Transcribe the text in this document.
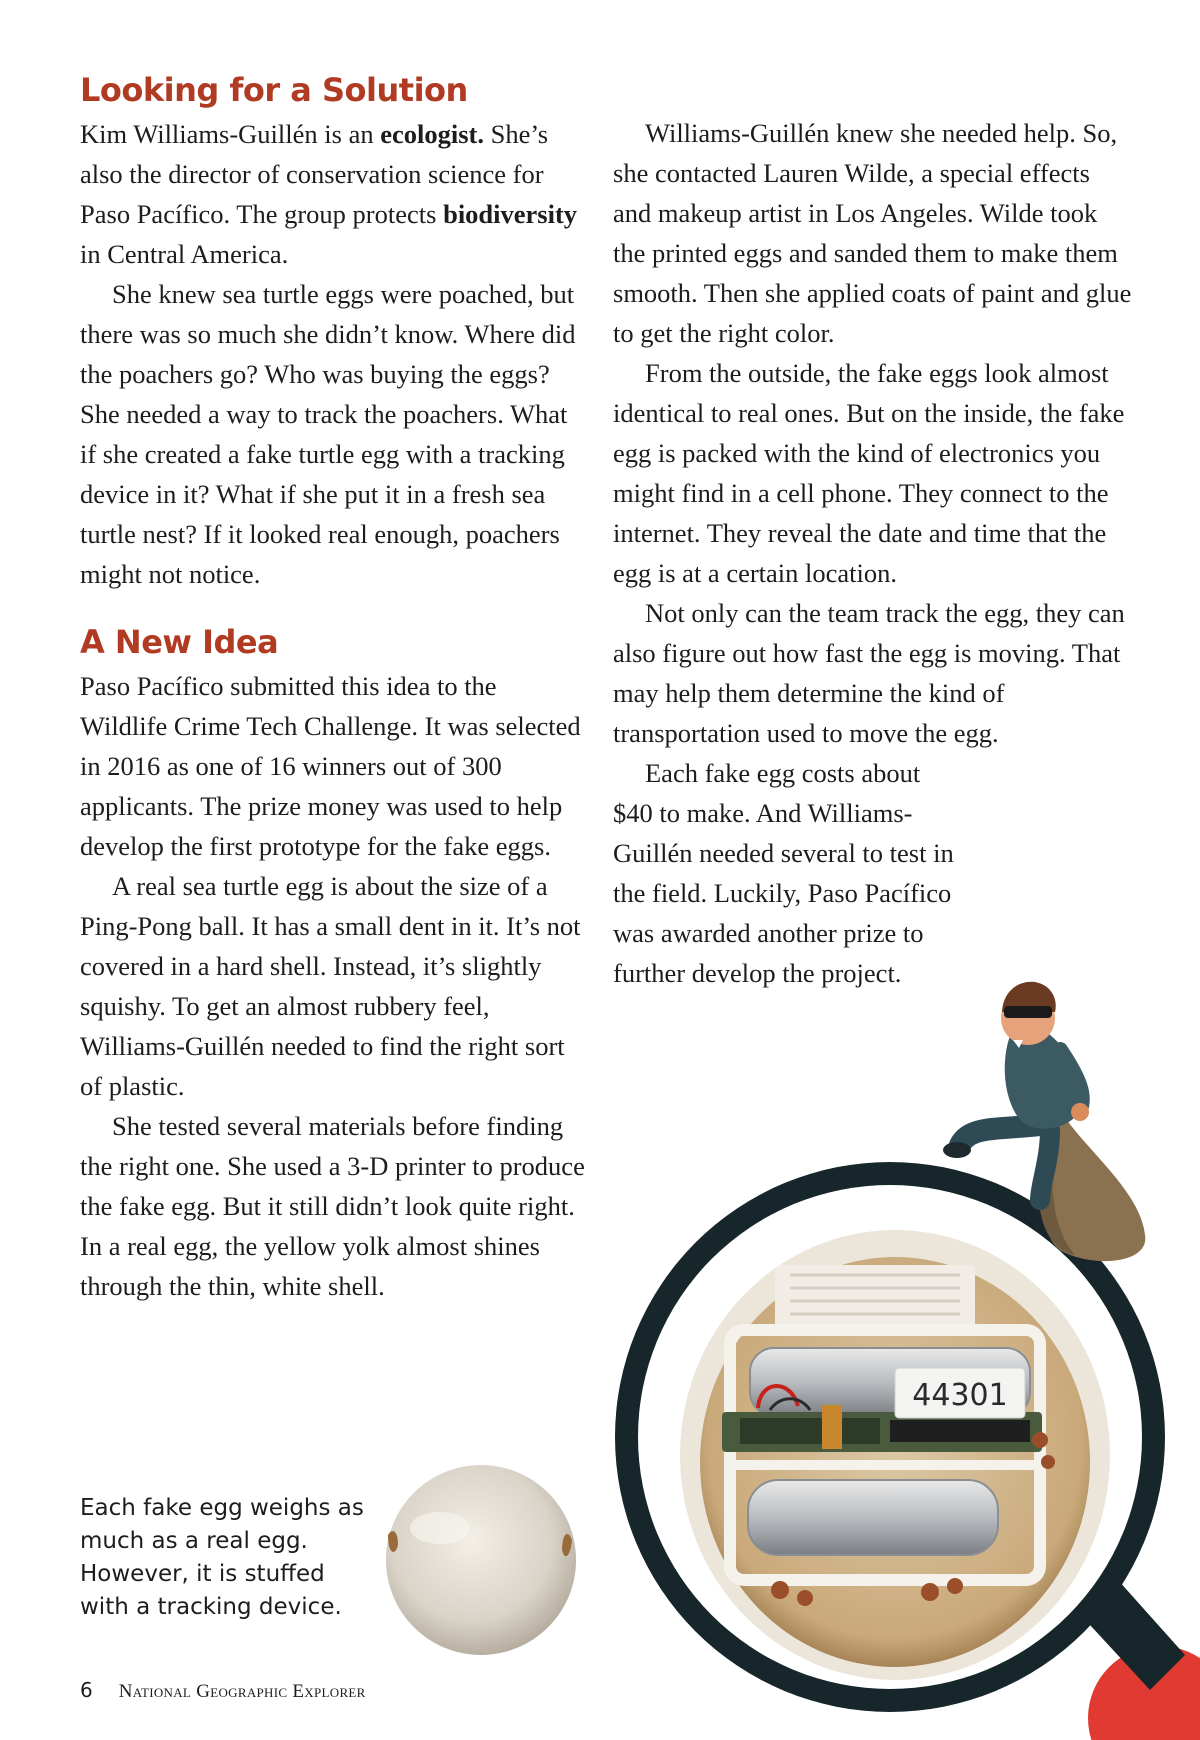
44301
Looking for a Solution

Kim Williams-Guillén is an ecologist. She’s also the director of conservation science for Paso Pacífico. The group protects biodiversity in Central America.

She knew sea turtle eggs were poached, but there was so much she didn’t know. Where did the poachers go? Who was buying the eggs? She needed a way to track the poachers. What if she created a fake turtle egg with a tracking device in it? What if she put it in a fresh sea turtle nest? If it looked real enough, poachers might not notice.

A New Idea

Paso Pacífico submitted this idea to the Wildlife Crime Tech Challenge. It was selected in 2016 as one of 16 winners out of 300 applicants. The prize money was used to help develop the first prototype for the fake eggs.

A real sea turtle egg is about the size of a Ping-Pong ball. It has a small dent in it. It’s not covered in a hard shell. Instead, it’s slightly squishy. To get an almost rubbery feel, Williams-Guillén needed to find the right sort of plastic.

She tested several materials before finding the right one. She used a 3-D printer to produce the fake egg. But it still didn’t look quite right. In a real egg, the yellow yolk almost shines through the thin, white shell.

Williams-Guillén knew she needed help. So, she contacted Lauren Wilde, a special effects and makeup artist in Los Angeles. Wilde took the printed eggs and sanded them to make them smooth. Then she applied coats of paint and glue to get the right color.

From the outside, the fake eggs look almost identical to real ones. But on the inside, the fake egg is packed with the kind of electronics you might find in a cell phone. They connect to the internet. They reveal the date and time that the egg is at a certain location.

Not only can the team track the egg, they can also figure out how fast the egg is moving. That may help them determine the kind of transportation used to move the egg.

Each fake egg costs about $40 to make. And Williams-Guillén needed several to test in the field. Luckily, Paso Pacífico was awarded another prize to further develop the project.

Each fake egg weighs as much as a real egg. However, it is stuffed with a tracking device.
6 National Geographic Explorer
